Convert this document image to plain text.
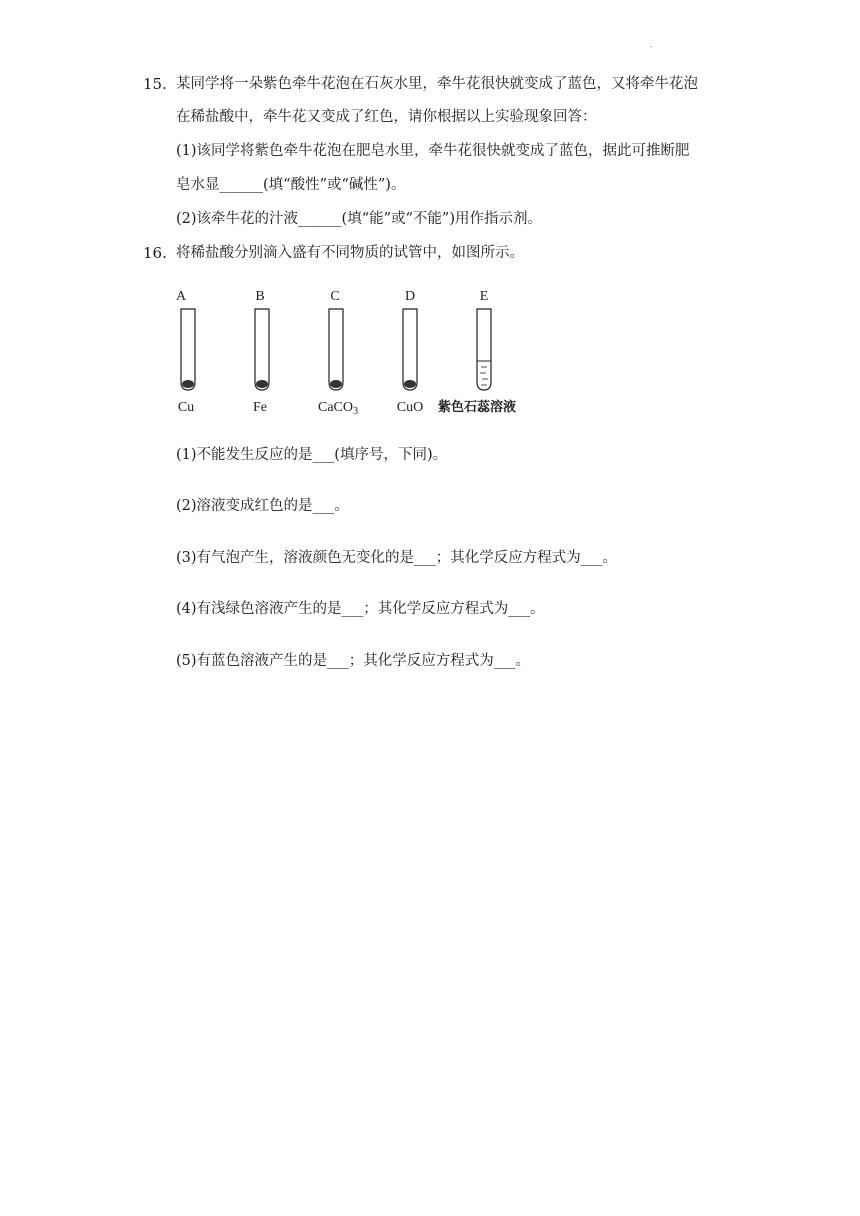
.
15. 某同学将一朵紫色牵牛花泡在石灰水里，牵牛花很快就变成了蓝色，又将牵牛花泡
在稀盐酸中，牵牛花又变成了红色，请你根据以上实验现象回答：
(1)该同学将紫色牵牛花泡在肥皂水里，牵牛花很快就变成了蓝色，据此可推断肥
皂水显______(填“酸性”或“碱性”)。
(2)该牵牛花的汁液______(填“能”或“不能”)用作指示剂。
16. 将稀盐酸分别滴入盛有不同物质的试管中，如图所示。
A
Cu
B
Fe
C
CaCO$_3$
D
CuO
E
紫色石蕊溶液
(1)不能发生反应的是___(填序号，下同)。
(2)溶液变成红色的是___。
(3)有气泡产生，溶液颜色无变化的是___；其化学反应方程式为___。
(4)有浅绿色溶液产生的是___；其化学反应方程式为___。
(5)有蓝色溶液产生的是___；其化学反应方程式为___。
